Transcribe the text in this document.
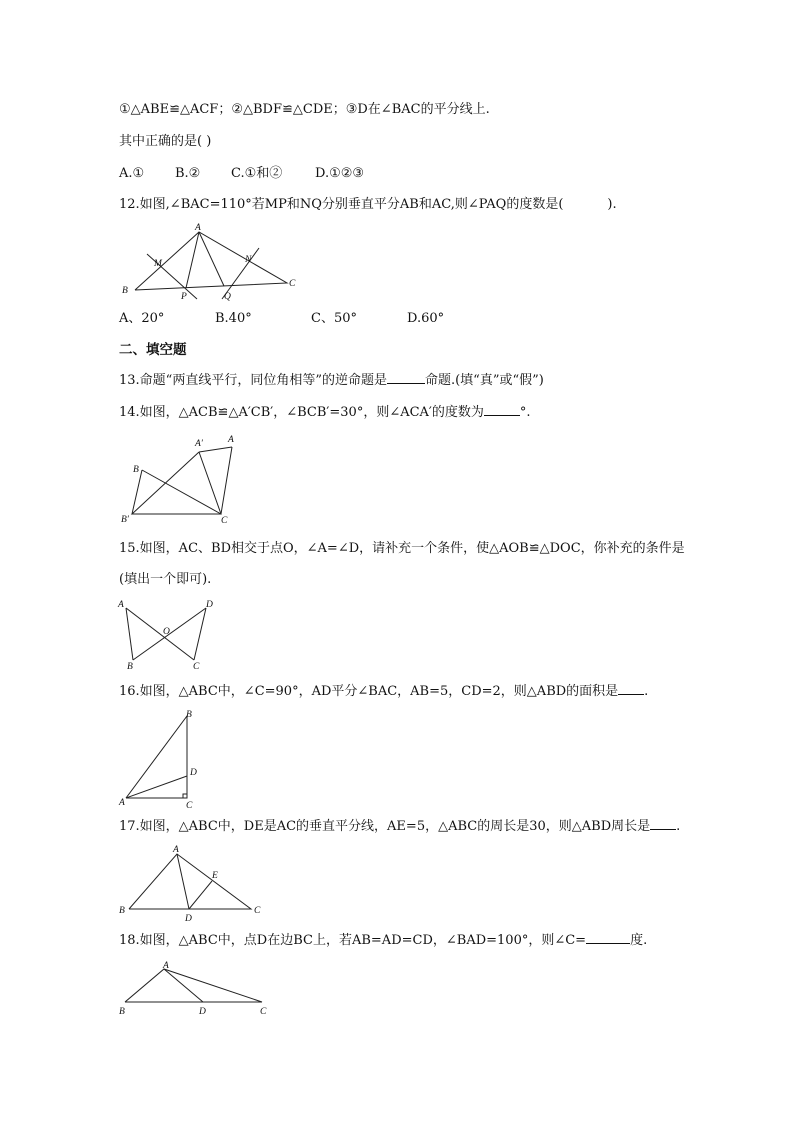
①△ABE≌△ACF；②△BDF≌△CDE；③D在∠BAC的平分线上.
其中正确的是( )
A.① B.② C.①和②	D.①②③
12.如图,∠BAC=110°若MP和NQ分别垂直平分AB和AC,则∠PAQ的度数是(	).
A
B
C
M	N
P	Q
A、20°	B.40°	C、50°	D.60°
二、填空题
13.命题“两直线平行，同位角相等”的逆命题是	命题.(填“真”或“假”)
14.如图，△ACB≌△A′CB′，∠BCB′=30°，则∠ACA′的度数为	°.
A′	A
B
B′	C
15.如图，AC、BD相交于点O，∠A=∠D，请补充一个条件，使△AOB≌△DOC，你补充的条件是
(填出一个即可).
A	D
O
B	C
16.如图，△ABC中，∠C=90°，AD平分∠BAC，AB=5，CD=2，则△ABD的面积是 .
B
D
A	C
17.如图，△ABC中，DE是AC的垂直平分线，AE=5，△ABC的周长是30，则△ABD周长是 .
A
E
B	C
D
18.如图，△ABC中，点D在边BC上，若AB=AD=CD，∠BAD=100°，则∠C=	度.
A
B	D	C
